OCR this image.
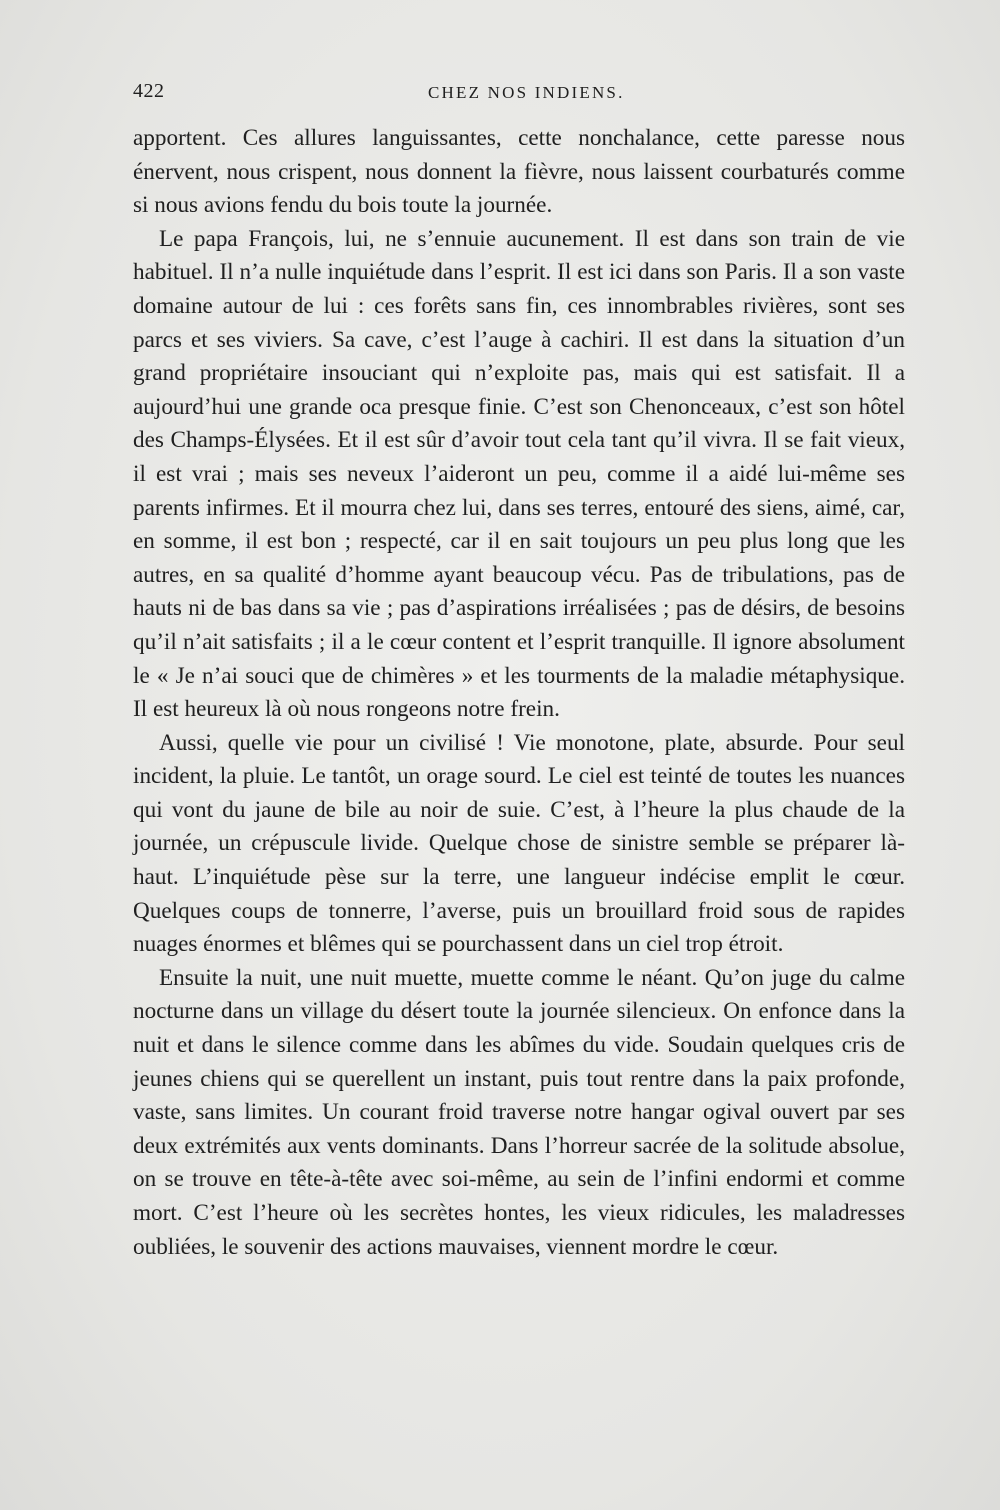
422	CHEZ NOS INDIENS.

apportent. Ces allures languissantes, cette nonchalance, cette paresse nous énervent, nous crispent, nous donnent la fièvre, nous laissent courbaturés comme si nous avions fendu du bois toute la journée.

Le papa François, lui, ne s’ennuie aucunement. Il est dans son train de vie habituel. Il n’a nulle inquiétude dans l’esprit. Il est ici dans son Paris. Il a son vaste domaine autour de lui : ces forêts sans fin, ces innombrables rivières, sont ses parcs et ses viviers. Sa cave, c’est l’auge à cachiri. Il est dans la situation d’un grand propriétaire insouciant qui n’exploite pas, mais qui est satisfait. Il a aujourd’hui une grande oca presque finie. C’est son Chenonceaux, c’est son hôtel des Champs-Élysées. Et il est sûr d’avoir tout cela tant qu’il vivra. Il se fait vieux, il est vrai ; mais ses neveux l’aideront un peu, comme il a aidé lui-même ses parents infirmes. Et il mourra chez lui, dans ses terres, entouré des siens, aimé, car, en somme, il est bon ; respecté, car il en sait toujours un peu plus long que les autres, en sa qualité d’homme ayant beaucoup vécu. Pas de tribulations, pas de hauts ni de bas dans sa vie ; pas d’aspirations irréalisées ; pas de désirs, de besoins qu’il n’ait satisfaits ; il a le cœur content et l’esprit tranquille. Il ignore absolument le « Je n’ai souci que de chimères » et les tourments de la maladie métaphysique. Il est heureux là où nous rongeons notre frein.

Aussi, quelle vie pour un civilisé ! Vie monotone, plate, absurde. Pour seul incident, la pluie. Le tantôt, un orage sourd. Le ciel est teinté de toutes les nuances qui vont du jaune de bile au noir de suie. C’est, à l’heure la plus chaude de la journée, un crépuscule livide. Quelque chose de sinistre semble se préparer là-haut. L’inquiétude pèse sur la terre, une langueur indécise emplit le cœur. Quelques coups de tonnerre, l’averse, puis un brouillard froid sous de rapides nuages énormes et blêmes qui se pourchassent dans un ciel trop étroit.

Ensuite la nuit, une nuit muette, muette comme le néant. Qu’on juge du calme nocturne dans un village du désert toute la journée silencieux. On enfonce dans la nuit et dans le silence comme dans les abîmes du vide. Soudain quelques cris de jeunes chiens qui se querellent un instant, puis tout rentre dans la paix profonde, vaste, sans limites. Un courant froid traverse notre hangar ogival ouvert par ses deux extrémités aux vents dominants. Dans l’horreur sacrée de la solitude absolue, on se trouve en tête-à-tête avec soi-même, au sein de l’infini endormi et comme mort. C’est l’heure où les secrètes hontes, les vieux ridicules, les maladresses oubliées, le souvenir des actions mauvaises, viennent mordre le cœur.
